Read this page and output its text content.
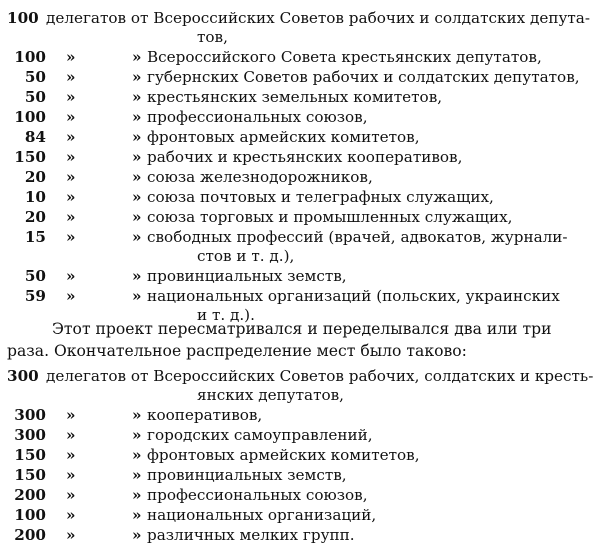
100 делегатов от Всероссийских Советов рабочих и солдатских депута-
тов,
100 »	» Всероссийского Совета крестьянских депутатов,
50 »	» губернских Советов рабочих и солдатских депутатов,
50 »	» крестьянских земельных комитетов,
100 »	» профессиональных союзов,
84 »	» фронтовых армейских комитетов,
150 »	» рабочих и крестьянских кооперативов,
20 »	» союза железнодорожников,
10 »	» союза почтовых и телеграфных служащих,
20 »	» союза торговых и промышленных служащих,
15 »	» свободных профессий (врачей, адвокатов, журнали-
стов и т. д.),
50 »	» провинциальных земств,
59 »	» национальных организаций (польских, украинских
и т. д.).
Этот проект пересматривался и переделывался два или три
раза. Окончательное распределение мест было таково:
300 делегатов от Всероссийских Советов рабочих, солдатских и кресть-
янских депутатов,
300 »	» кооперативов,
300 »	» городских самоуправлений,
150 »	» фронтовых армейских комитетов,
150 »	» провинциальных земств,
200 »	» профессиональных союзов,
100 »	» национальных организаций,
200 »	» различных мелких групп.
